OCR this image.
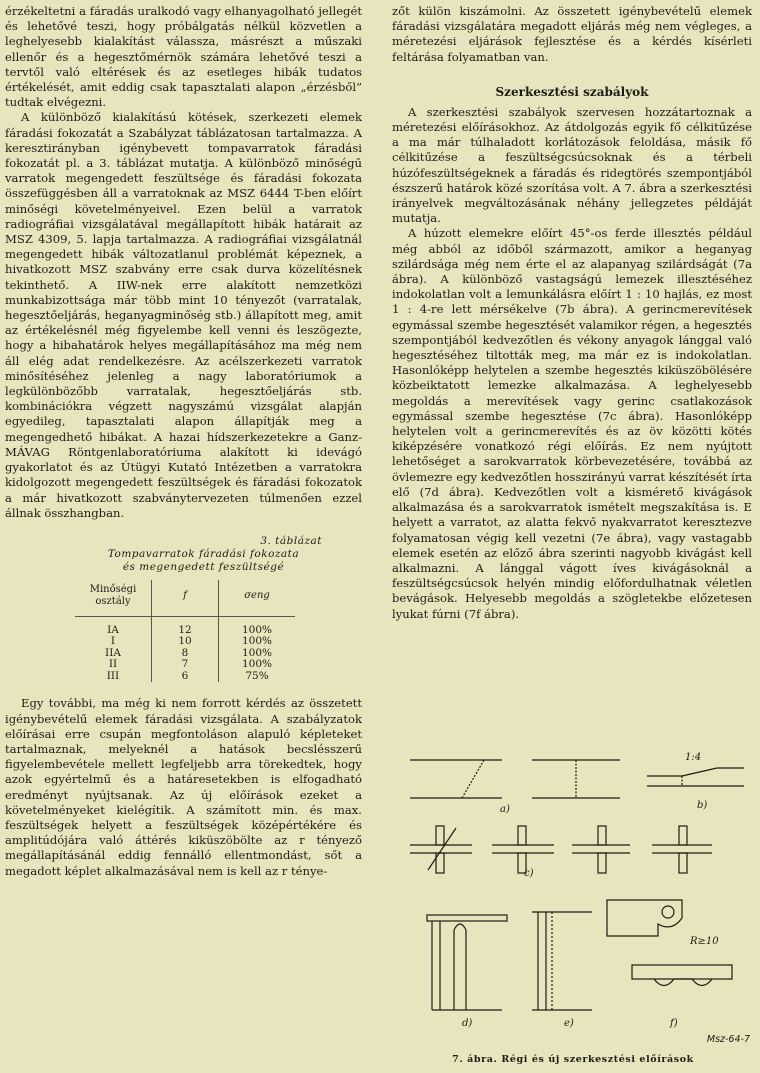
érzékeltetni a fáradás uralkodó vagy elhanyagolható jellegét és lehetővé teszi, hogy próbálgatás nélkül közvetlen a leghelyesebb kialakítást válassza, másrészt a műszaki ellenőr és a hegesztőmérnök számára lehetővé teszi a tervtől való eltérések és az esetleges hibák tudatos értékelését, amit eddig csak tapasztalati alapon „érzésből” tudtak elvégezni.

A különböző kialakítású kötések, szerkezeti elemek fáradási fokozatát a Szabályzat táblázatosan tartalmazza. A keresztirányban igénybevett tompavarratok fáradási fokozatát pl. a 3. táblázat mutatja. A különböző minőségű varratok megengedett feszültsége és fáradási fokozata összefüggésben áll a varratoknak az MSZ 6444 T-ben előírt minőségi követelményeivel. Ezen belül a varratok radiográfiai vizsgálatával megállapított hibák határait az MSZ 4309, 5. lapja tartalmazza. A radiográfiai vizsgálatnál megengedett hibák változatlanul problémát képeznek, a hivatkozott MSZ szabvány erre csak durva közelítésnek tekinthető. A IIW-nek erre alakított nemzetközi munkabizottsága már több mint 10 tényezőt (varratalak, hegesztőeljárás, heganyagminőség stb.) állapított meg, amit az értékelésnél még figyelembe kell venni és leszögezte, hogy a hibahatárok helyes megállapításához ma még nem áll elég adat rendelkezésre. Az acélszerkezeti varratok minősítéséhez jelenleg a nagy laboratóriumok a legkülönbözőbb varratalak, hegesztőeljárás stb. kombinációkra végzett nagyszámú vizsgálat alapján egyedileg, tapasztalati alapon állapítják meg a megengedhető hibákat. A hazai hídszerkezetekre a Ganz-MÁVAG Röntgenlaboratóriuma alakított ki idevágó gyakorlatot és az Útügyi Kutató Intézetben a varratokra kidolgozott megengedett feszültségek és fáradási fokozatok a már hivatkozott szabványtervezeten túlmenően ezzel állnak összhangban.

3. táblázat
Tompavarratok fáradási fokozata
és megengedett feszültségé
Minőségi osztály	f	σeng
IA	12	100%
I	10	100%
IIA	8	100%
II	7	100%
III	6	75%

Egy további, ma még ki nem forrott kérdés az összetett igénybevételű elemek fáradási vizsgálata. A szabályzatok előírásai erre csupán megfontoláson alapuló képleteket tartalmaznak, melyeknél a hatások becslésszerű figyelembevétele mellett legfeljebb arra törekedtek, hogy azok egyértelmű és a határesetekben is elfogadható eredményt nyújtsanak. Az új előírások ezeket a követelményeket kielégítik. A számított min. és max. feszültségek helyett a feszültségek középértékére és amplitúdójára való áttérés kiküszöbölte az r tényező megállapításánál eddig fennálló ellentmondást, sőt a megadott képlet alkalmazásával nem is kell az r ténye-

zőt külön kiszámolni. Az összetett igénybevételű elemek fáradási vizsgálatára megadott eljárás még nem végleges, a méretezési eljárások fejlesztése és a kérdés kísérleti feltárása folyamatban van.

Szerkesztési szabályok

A szerkesztési szabályok szervesen hozzátartoznak a méretezési előírásokhoz. Az átdolgozás egyik fő célkitűzése a ma már túlhaladott korlátozások feloldása, másik fő célkitűzése a feszültségcsúcsoknak és a térbeli húzófeszültségeknek a fáradás és ridegtörés szempontjából észszerű határok közé szorítása volt. A 7. ábra a szerkesztési irányelvek megváltozásának néhány jellegzetes példáját mutatja.

A húzott elemekre előírt 45°-os ferde illesztés például még abból az időből származott, amikor a heganyag szilárdsága még nem érte el az alapanyag szilárdságát (7a ábra). A különböző vastagságú lemezek illesztéséhez indokolatlan volt a lemunkálásra előírt 1 : 10 hajlás, ez most 1 : 4-re lett mérsékelve (7b ábra). A gerincmerevítések egymással szembe hegesztését valamikor régen, a hegesztés szempontjából kedvezőtlen és vékony anyagok lánggal való hegesztéséhez tiltották meg, ma már ez is indokolatlan. Hasonlóképp helytelen a szembe hegesztés kiküszöbölésére közbeiktatott lemezke alkalmazása. A leghelyesebb megoldás a merevítések vagy gerinc csatlakozások egymással szembe hegesztése (7c ábra). Hasonlóképp helytelen volt a gerincmerevítés és az öv közötti kötés kiképzésére vonatkozó régi előírás. Ez nem nyújtott lehetőséget a sarokvarratok körbevezetésére, továbbá az övlemezre egy kedvezőtlen hosszirányú varrat készítését írta elő (7d ábra). Kedvezőtlen volt a kismérető kivágások alkalmazása és a sarokvarratok ismételt megszakítása is. E helyett a varratot, az alatta fekvő nyakvarratot keresztezve folyamatosan végig kell vezetni (7e ábra), vagy vastagabb elemek esetén az előző ábra szerinti nagyobb kivágást kell alkalmazni. A lánggal vágott íves kivágásoknál a feszültségcsúcsok helyén mindig előfordulhatnak véletlen bevágások. Helyesebb megoldás a szögletekbe előzetesen lyukat fúrni (7f ábra).

a)	b)
1:4
c)
R≥10
d)	e)	f)
Msz-64-7
7. ábra. Régi és új szerkesztési előírások
